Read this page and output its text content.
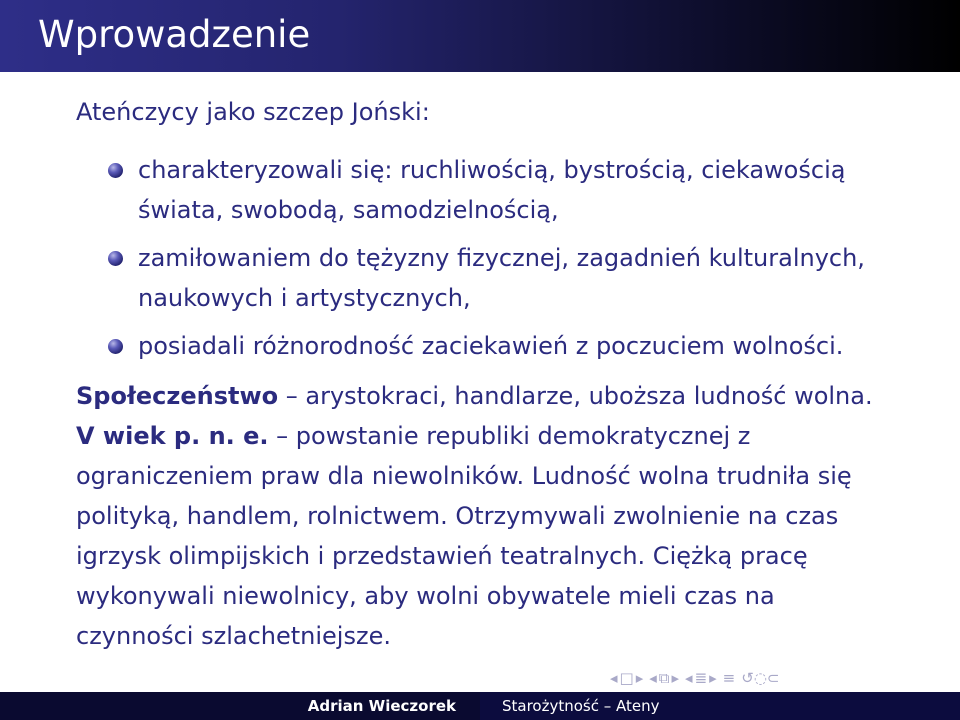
Wprowadzenie
Ateńczycy jako szczep Joński:
charakteryzowali się: ruchliwością, bystrością, ciekawością świata, swobodą, samodzielnością,
zamiłowaniem do tężyzny fizycznej, zagadnień kulturalnych, naukowych i artystycznych,
posiadali różnorodność zaciekawień z poczuciem wolności.

Społeczeństwo – arystokraci, handlarze, uboższa ludność wolna.

V wiek p. n. e. – powstanie republiki demokratycznej z ograniczeniem praw dla niewolników. Ludność wolna trudniła się polityką, handlem, rolnictwem. Otrzymywali zwolnienie na czas igrzysk olimpijskich i przedstawień teatralnych. Ciężką pracę wykonywali niewolnicy, aby wolni obywatele mieli czas na czynności szlachetniejsze.

◂ □ ▸ ◂ ⧉ ▸ ◂ ≣ ▸ ≡ ↺◌⊂
Adrian Wieczorek	Starożytność – Ateny
